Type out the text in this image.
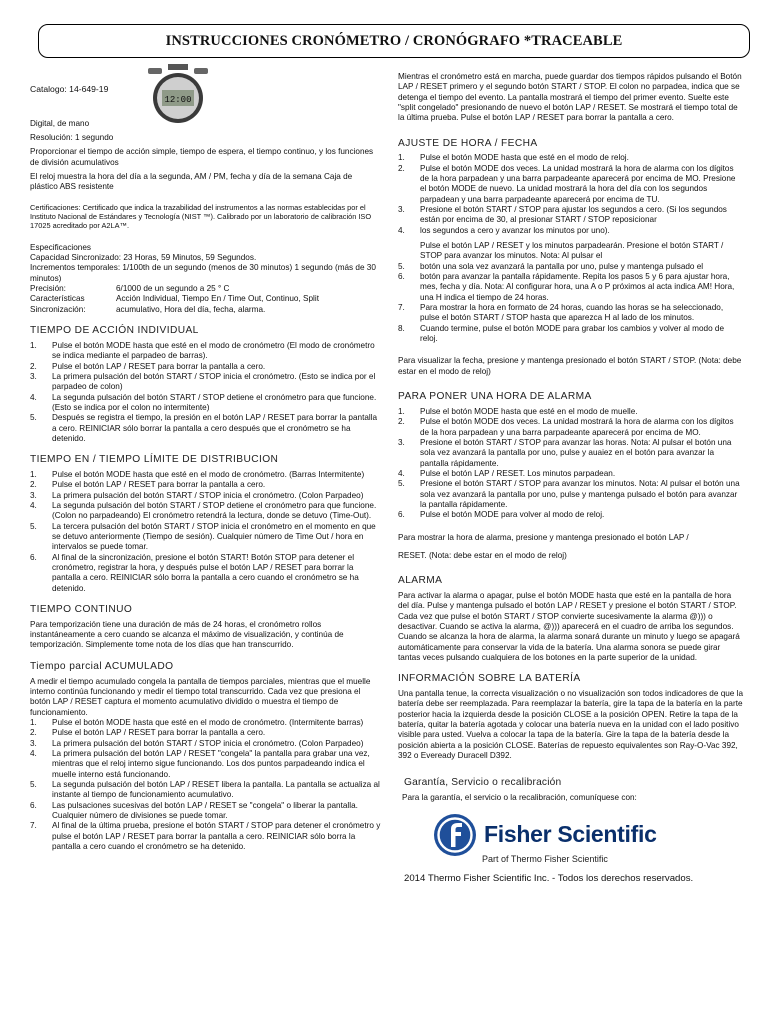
INSTRUCCIONES CRONÓMETRO / CRONÓGRAFO *TRACEABLE
12:00
Catalogo: 14-649-19
Digital, de mano
Resolución: 1 segundo
Proporcionar el tiempo de acción simple, tiempo de espera, el tiempo continuo, y los funciones de división acumulativos
El reloj muestra la hora del día a la segunda, AM / PM, fecha y día de la semana Caja de plástico ABS resistente
Certificaciones: Certificado que indica la trazabilidad del instrumentos a las normas establecidas por el Instituto Nacional de Estándares y Tecnología (NIST ™). Calibrado por un laboratorio de calibración ISO 17025 acreditado por A2LA™.
Especificaciones
Capacidad Sincronizado: 23 Horas, 59 Minutos, 59 Segundos.
Incrementos temporales: 1/100th de un segundo (menos de 30 minutos) 1 segundo (más de 30 minutos)
Precisión:	6/1000 de un segundo a 25 ° C
Características	Acción Individual, Tiempo En / Time Out, Continuo, Split
Sincronización:	acumulativo, Hora del día, fecha, alarma.
TIEMPO DE ACCIÓN INDIVIDUAL
1.	Pulse el botón MODE hasta que esté en el modo de cronómetro (El modo de cronómetro se indica mediante el parpadeo de barras).
2.	Pulse el botón LAP / RESET para borrar la pantalla a cero.
3.	La primera pulsación del botón START / STOP inicia el cronómetro. (Esto se indica por el parpadeo de colon)
4.	La segunda pulsación del botón START / STOP detiene el cronómetro para que funcione. (Esto se indica por el colon no intermitente)
5.	Después se registra el tiempo, la presión en el botón LAP / RESET para borrar la pantalla a cero. REINICIAR sólo borrar la pantalla a cero después que el cronómetro se ha detenido.
TIEMPO EN / TIEMPO LÍMITE DE DISTRIBUCION
1.	Pulse el botón MODE hasta que esté en el modo de cronómetro. (Barras Intermitente)
2.	Pulse el botón LAP / RESET para borrar la pantalla a cero.
3.	La primera pulsación del botón START / STOP inicia el cronómetro. (Colon Parpadeo)
4.	La segunda pulsación del botón START / STOP detiene el cronómetro para que funcione. (Colon no parpadeando) El cronómetro retendrá la lectura, donde se detuvo (Time-Out).
5.	La tercera pulsación del botón START / STOP inicia el cronómetro en el momento en que se detuvo anteriormente (Tiempo de sesión). Cualquier número de Time Out / hora en intervalos se puede tomar.
6.	Al final de la sincronización, presione el botón START! Botón STOP para detener el cronómetro, registrar la hora, y después pulse el botón LAP / RESET para borrar la pantalla a cero. REINICIAR sólo borra la pantalla a cero cuando el cronómetro se ha detenido.
TIEMPO CONTINUO
Para temporización tiene una duración de más de 24 horas, el cronómetro rollos instantáneamente a cero cuando se alcanza el máximo de visualización, y continúa de temporización. Simplemente tome nota de los días que han transcurrido.
Tiempo parcial ACUMULADO
A medir el tiempo acumulado congela la pantalla de tiempos parciales, mientras que el muelle interno continúa funcionando y medir el tiempo total transcurrido. Cada vez que presiona el botón LAP / RESET captura el momento acumulativo dividido o muestra el tiempo de funcionamiento.
1.	Pulse el botón MODE hasta que esté en el modo de cronómetro. (Intermitente barras)
2.	Pulse el botón LAP / RESET para borrar la pantalla a cero.
3.	La primera pulsación del botón START / STOP inicia el cronómetro. (Colon Parpadeo)
4.	La primera pulsación del botón LAP / RESET "congela" la pantalla para grabar una vez, mientras que el reloj interno sigue funcionando. Los dos puntos parpadeando indica el muelle interno está funcionando.
5.	La segunda pulsación del botón LAP / RESET libera la pantalla. La pantalla se actualiza al instante al tiempo de funcionamiento acumulativo.
6.	Las pulsaciones sucesivas del botón LAP / RESET se "congela" o liberar la pantalla. Cualquier número de divisiones se puede tomar.
7.	Al final de la última prueba, presione el botón START / STOP para detener el cronómetro y pulse el botón LAP / RESET para borrar la pantalla a cero. REINICIAR sólo borra la pantalla a cero cuando el cronómetro se ha detenido.
Mientras el cronómetro está en marcha, puede guardar dos tiempos rápidos pulsando el Botón LAP / RESET primero y el segundo botón START / STOP. El colon no parpadea, indica que se detenga el tiempo del evento. La pantalla mostrará el tiempo del primer evento. Suelte este "split congelado" presionando de nuevo el botón LAP / RESET. Se mostrará el tiempo total de la última prueba. Pulse el botón LAP / RESET para borrar la pantalla a cero.
AJUSTE DE HORA / FECHA
1.	Pulse el botón MODE hasta que esté en el modo de reloj.
2.	Pulse el botón MODE dos veces. La unidad mostrará la hora de alarma con los dígitos de la hora parpadean y una barra parpadeante aparecerá por encima de MO. Presione el botón MODE de nuevo. La unidad mostrará la hora del día con los segundos parpadean y una barra parpadeante aparecerá por encima de TU.
3.	Presione el botón START / STOP para ajustar los segundos a cero. (Si los segundos están por encima de 30, al presionar START / STOP reposicionar
4.	los segundos a cero y avanzar los minutos por uno).
Pulse el botón LAP / RESET y los minutos parpadearán. Presione el botón START / STOP para avanzar los minutos. Nota: Al pulsar el
5.	botón una sola vez avanzará la pantalla por uno, pulse y mantenga pulsado el
6.	botón para avanzar la pantalla rápidamente. Repita los pasos 5 y 6 para ajustar hora, mes, fecha y día. Nota: Al configurar hora, una A o P próximos al acta indica AM! Hora, una H indica el tiempo de 24 horas.
7.	Para mostrar la hora en formato de 24 horas, cuando las horas se ha seleccionado, pulse el botón START / STOP hasta que aparezca H al lado de los minutos.
8.	Cuando termine, pulse el botón MODE para grabar los cambios y volver al modo de reloj.
Para visualizar la fecha, presione y mantenga presionado el botón START / STOP. (Nota: debe estar en el modo de reloj)
PARA PONER UNA HORA DE ALARMA
1.	Pulse el botón MODE hasta que esté en el modo de muelle.
2.	Pulse el botón MODE dos veces. La unidad mostrará la hora de alarma con los dígitos de la hora parpadean y una barra parpadeante aparecerá por encima de MO.
3.	Presione el botón START / STOP para avanzar las horas. Nota: Al pulsar el botón una sola vez avanzará la pantalla por uno, pulse y auaiez en el botón para avanzar la pantalla rápidamente.
4.	Pulse el botón LAP / RESET. Los minutos parpadean.
5.	Presione el botón START / STOP para avanzar los minutos. Nota: Al pulsar el botón una sola vez avanzará la pantalla por uno, pulse y mantenga pulsado el botón para avanzar la pantalla rápidamente.
6.	Pulse el botón MODE para volver al modo de reloj.
Para mostrar la hora de alarma, presione y mantenga presionado el botón LAP /
RESET. (Nota: debe estar en el modo de reloj)
ALARMA
Para activar la alarma o apagar, pulse el botón MODE hasta que esté en la pantalla de hora del día. Pulse y mantenga pulsado el botón LAP / RESET y presione el botón START / STOP. Cada vez que pulse el botón START / STOP convierte sucesivamente la alarma @))) o desactivar. Cuando se activa la alarma, @))) aparecerá en el cuadro de arriba los segundos. Cuando se alcanza la hora de alarma, la alarma sonará durante un minuto y luego se apagará automáticamente para conservar la vida de la batería. Una alarma sonora se puede girar tantas veces pulsando cualquiera de los botones en la parte superior de la unidad.
INFORMACIÓN SOBRE LA BATERÍA
Una pantalla tenue, la correcta visualización o no visualización son todos indicadores de que la batería debe ser reemplazada. Para reemplazar la batería, gire la tapa de la batería en la parte posterior hacia la izquierda desde la posición CLOSE a la posición OPEN. Retire la tapa de la batería, quitar la batería agotada y colocar una batería nueva en la unidad con el lado positivo visible para usted. Vuelva a colocar la tapa de la batería. Gire la tapa de la batería desde la posición abierta a la posición CLOSE. Baterías de repuesto equivalentes son Ray-O-Vac 392, 392 o Eveready Duracell D392.
Garantía, Servicio o recalibración
Para la garantía, el servicio o la recalibración, comuníquese con:
Fisher Scientific
Part of Thermo Fisher Scientific
2014 Thermo Fisher Scientific Inc. - Todos los derechos reservados.
